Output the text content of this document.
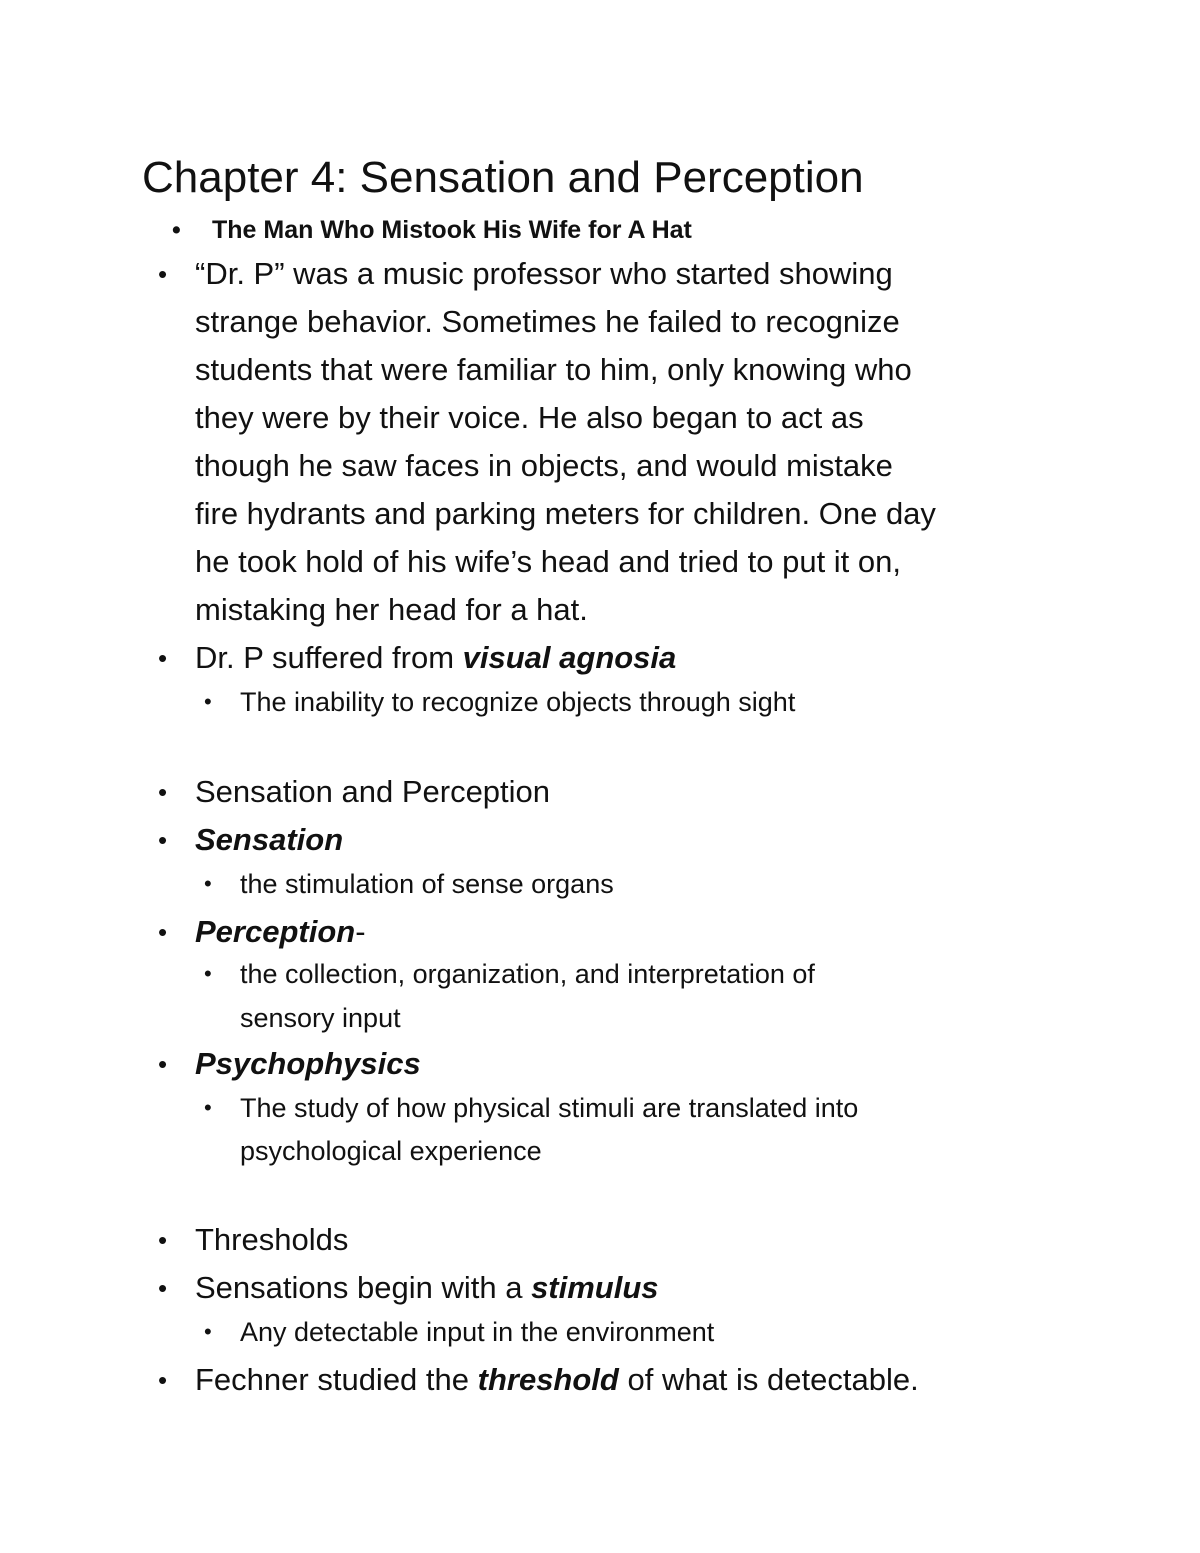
Chapter 4: Sensation and Perception
• The Man Who Mistook His Wife for A Hat
• “Dr. P” was a music professor who started showing
strange behavior. Sometimes he failed to recognize
students that were familiar to him, only knowing who
they were by their voice. He also began to act as
though he saw faces in objects, and would mistake
fire hydrants and parking meters for children. One day
he took hold of his wife’s head and tried to put it on,
mistaking her head for a hat.
• Dr. P suffered from visual agnosia
• The inability to recognize objects through sight
• Sensation and Perception
• Sensation
• the stimulation of sense organs
• Perception-
• the collection, organization, and interpretation of
sensory input
• Psychophysics
• The study of how physical stimuli are translated into
psychological experience
• Thresholds
• Sensations begin with a stimulus
• Any detectable input in the environment
• Fechner studied the threshold of what is detectable.
